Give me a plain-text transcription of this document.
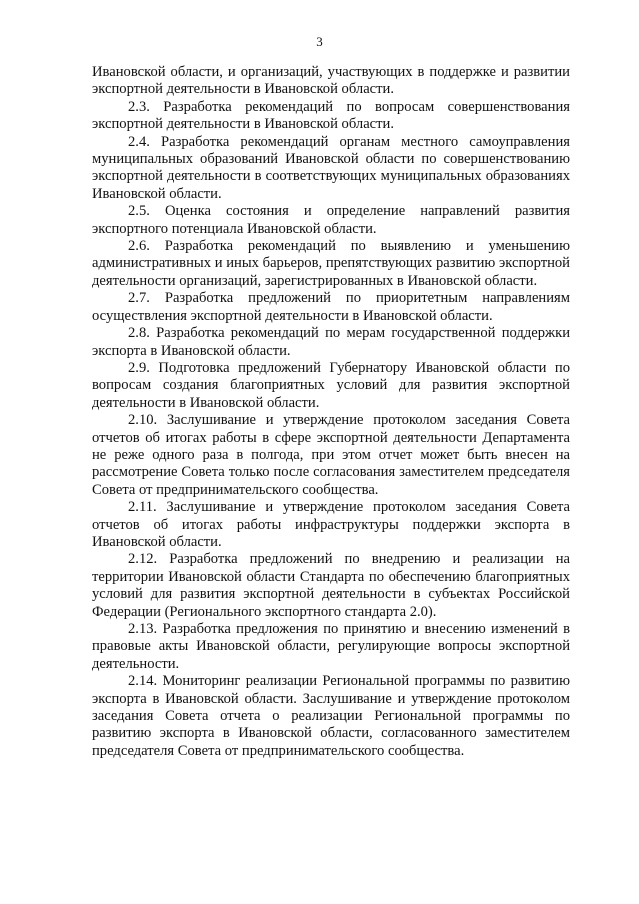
3

Ивановской области, и организаций, участвующих в поддержке и развитии экспортной деятельности в Ивановской области.

2.3. Разработка рекомендаций по вопросам совершенствования экспортной деятельности в Ивановской области.

2.4. Разработка рекомендаций органам местного самоуправления муниципальных образований Ивановской области по совершенствованию экспортной деятельности в соответствующих муниципальных образованиях Ивановской области.

2.5. Оценка состояния и определение направлений развития экспортного потенциала Ивановской области.

2.6. Разработка рекомендаций по выявлению и уменьшению административных и иных барьеров, препятствующих развитию экспортной деятельности организаций, зарегистрированных в Ивановской области.

2.7. Разработка предложений по приоритетным направлениям осуществления экспортной деятельности в Ивановской области.

2.8. Разработка рекомендаций по мерам государственной поддержки экспорта в Ивановской области.

2.9. Подготовка предложений Губернатору Ивановской области по вопросам создания благоприятных условий для развития экспортной деятельности в Ивановской области.

2.10. Заслушивание и утверждение протоколом заседания Совета отчетов об итогах работы в сфере экспортной деятельности Департамента не реже одного раза в полгода, при этом отчет может быть внесен на рассмотрение Совета только после согласования заместителем председателя Совета от предпринимательского сообщества.

2.11. Заслушивание и утверждение протоколом заседания Совета отчетов об итогах работы инфраструктуры поддержки экспорта в Ивановской области.

2.12. Разработка предложений по внедрению и реализации на территории Ивановской области Стандарта по обеспечению благоприятных условий для развития экспортной деятельности в субъектах Российской Федерации (Регионального экспортного стандарта 2.0).

2.13. Разработка предложения по принятию и внесению изменений в правовые акты Ивановской области, регулирующие вопросы экспортной деятельности.

2.14. Мониторинг реализации Региональной программы по развитию экспорта в Ивановской области. Заслушивание и утверждение протоколом заседания Совета отчета о реализации Региональной программы по развитию экспорта в Ивановской области, согласованного заместителем председателя Совета от предпринимательского сообщества.
